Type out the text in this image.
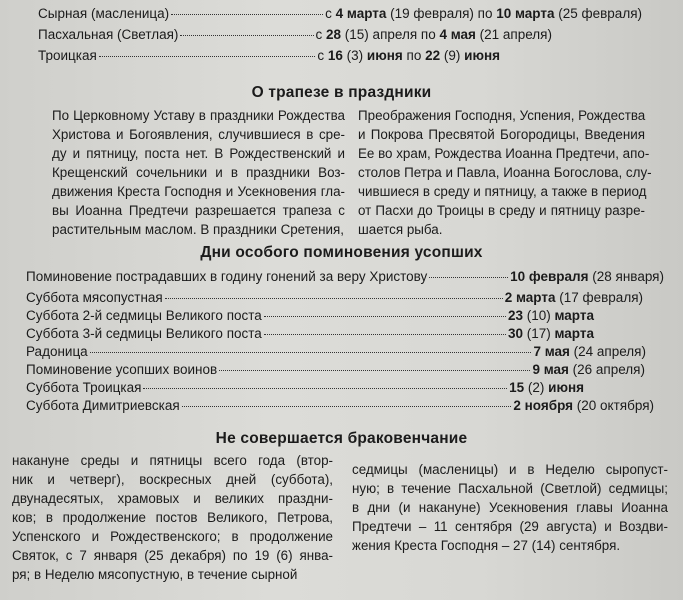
Сырная (масленица)	с 4 марта (19 февраля) по 10 марта (25 февраля)
Пасхальная (Светлая)	с 28 (15) апреля по 4 мая (21 апреля)
Троицкая	с 16 (3) июня по 22 (9) июня
О трапезе в праздники
По Церковному Уставу в праздники Рождества
Христова и Богоявления, случившиеся в сре-
ду и пятницу, поста нет. В Рождественский и
Крещенский сочельники и в праздники Воз-
движения Креста Господня и Усекновения гла-
вы Иоанна Предтечи разрешается трапеза с
растительным маслом. В праздники Сретения,
Преображения Господня, Успения, Рождества
и Покрова Пресвятой Богородицы, Введения
Ее во храм, Рождества Иоанна Предтечи, апо-
столов Петра и Павла, Иоанна Богослова, слу-
чившиеся в среду и пятницу, а также в период
от Пасхи до Троицы в среду и пятницу разре-
шается рыба.
Дни особого поминовения усопших
Поминовение пострадавших в годину гонений за веру Христову	10 февраля (28 января)
Суббота мясопустная	2 марта (17 февраля)
Суббота 2-й седмицы Великого поста	23 (10) марта
Суббота 3-й седмицы Великого поста	30 (17) марта
Радоница	7 мая (24 апреля)
Поминовение усопших воинов	9 мая (26 апреля)
Суббота Троицкая	15 (2) июня
Суббота Димитриевская	2 ноября (20 октября)
Не совершается браковенчание
накануне среды и пятницы всего года (втор-
ник и четверг), воскресных дней (суббота),
двунадесятых, храмовых и великих праздни-
ков; в продолжение постов Великого, Петрова,
Успенского и Рождественского; в продолжение
Святок, с 7 января (25 декабря) по 19 (6) янва-
ря; в Неделю мясопустную, в течение сырной
седмицы (масленицы) и в Неделю сыропуст-
ную; в течение Пасхальной (Светлой) седмицы;
в дни (и накануне) Усекновения главы Иоанна
Предтечи – 11 сентября (29 августа) и Воздви-
жения Креста Господня – 27 (14) сентября.
